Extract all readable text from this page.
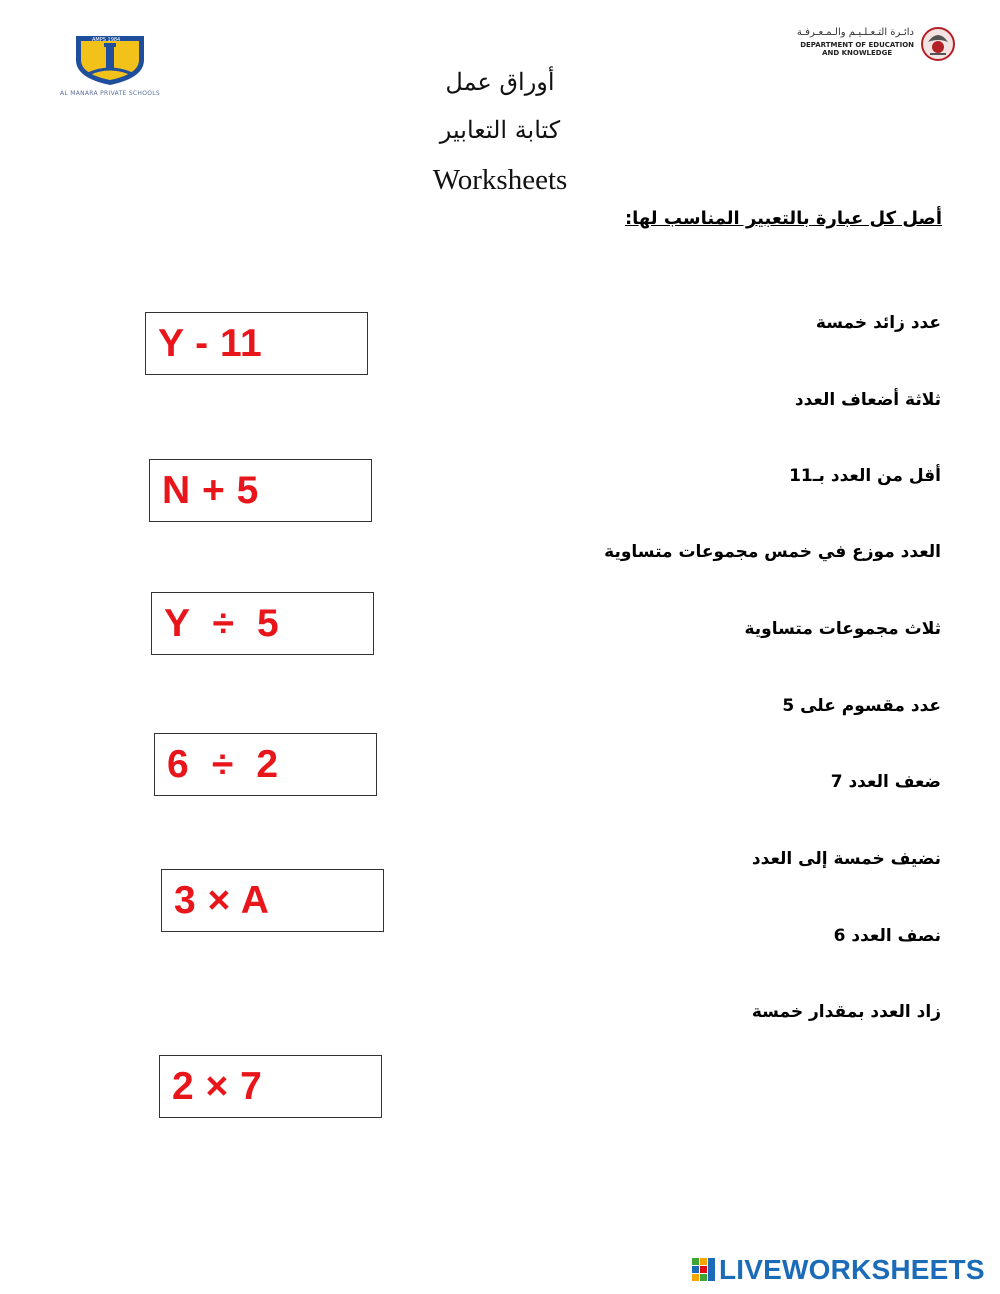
AMPS 1984
AL MANARA PRIVATE SCHOOLS
دائـرة التـعـلـيـم والـمـعـرفـة
DEPARTMENT OF EDUCATION
AND KNOWLEDGE
أوراق عمل
كتابة التعابير
Worksheets
أصل كل عبارة بالتعبير المناسب لها:
عدد زائد خمسة
ثلاثة أضعاف العدد
أقل من العدد بـ11
العدد موزع في خمس مجموعات متساوية
ثلاث مجموعات متساوية
عدد مقسوم على 5
ضعف العدد 7
نضيف خمسة إلى العدد
نصف العدد 6
زاد العدد بمقدار خمسة
Y - 11
N + 5
Y  ÷  5
6  ÷  2
3 × A
2 × 7
LIVEWORKSHEETS
